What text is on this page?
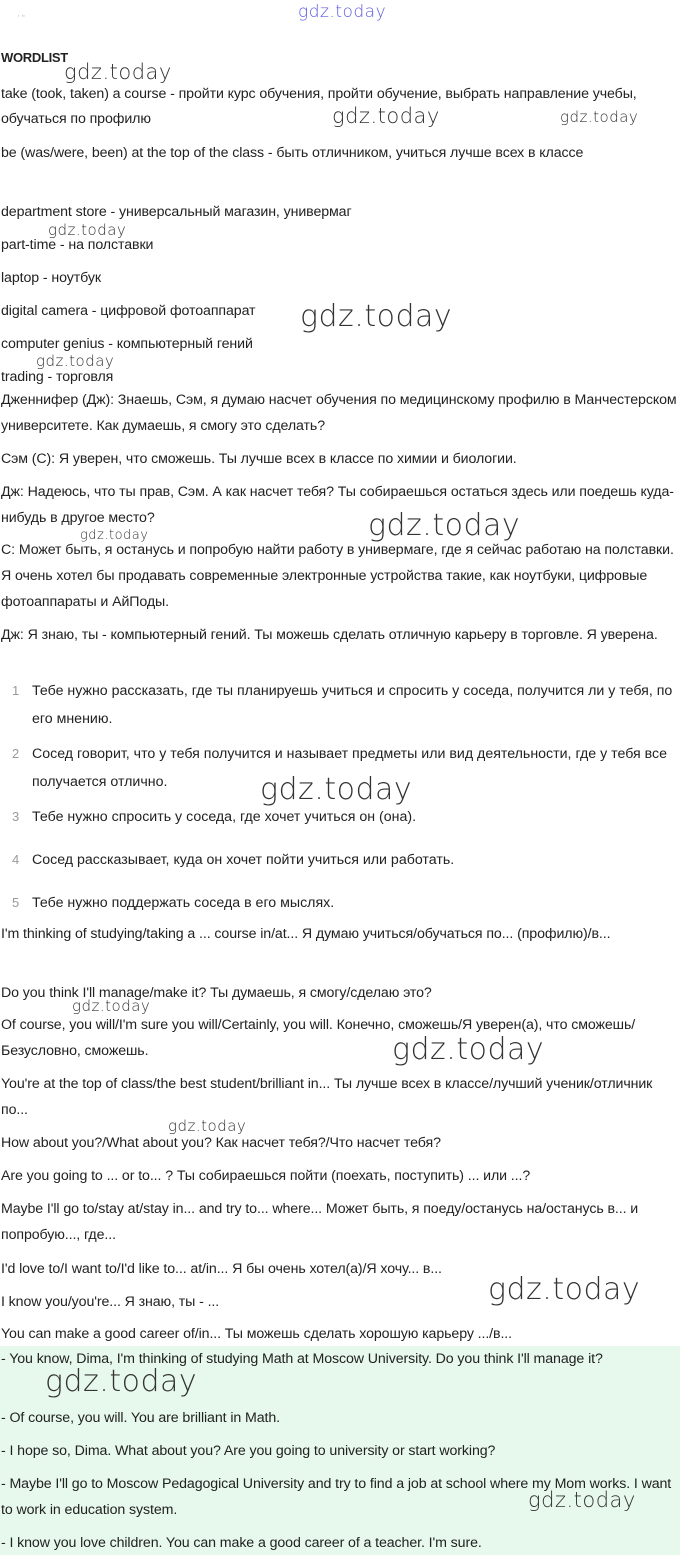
' ''	gdz.today
WORDLIST
take (took, taken) a course - пройти курс обучения, пройти обучение, выбрать направление учебы, обучаться по профилю
be (was/were, been) at the top of the class - быть отличником, учиться лучше всех в классе
department store - универсальный магазин, универмаг
part-time - на полставки
laptop - ноутбук
digital camera - цифровой фотоаппарат
computer genius - компьютерный гений
trading - торговля
Дженнифер (Дж): Знаешь, Сэм, я думаю насчет обучения по медицинскому профилю в Манчестерском университете. Как думаешь, я смогу это сделать?
Сэм (С): Я уверен, что сможешь. Ты лучше всех в классе по химии и биологии.
Дж: Надеюсь, что ты прав, Сэм. А как насчет тебя? Ты собираешься остаться здесь или поедешь куда-нибудь в другое место?
С: Может быть, я останусь и попробую найти работу в универмаге, где я сейчас работаю на полставки. Я очень хотел бы продавать современные электронные устройства такие, как ноутбуки, цифровые фотоаппараты и АйПоды.
Дж: Я знаю, ты - компьютерный гений. Ты можешь сделать отличную карьеру в торговле. Я уверена.
1 Тебе нужно рассказать, где ты планируешь учиться и спросить у соседа, получится ли у тебя, по его мнению.
2 Сосед говорит, что у тебя получится и называет предметы или вид деятельности, где у тебя все получается отлично.
3 Тебе нужно спросить у соседа, где хочет учиться он (она).
4 Сосед рассказывает, куда он хочет пойти учиться или работать.
5 Тебе нужно поддержать соседа в его мыслях.
I'm thinking of studying/taking a ... course in/at... Я думаю учиться/обучаться по... (профилю)/в...
Do you think I'll manage/make it? Ты думаешь, я смогу/сделаю это?
Of course, you will/I'm sure you will/Certainly, you will. Конечно, сможешь/Я уверен(а), что сможешь/Безусловно, сможешь.
You're at the top of class/the best student/brilliant in... Ты лучше всех в классе/лучший ученик/отличник по...
How about you?/What about you? Как насчет тебя?/Что насчет тебя?
Are you going to ... or to... ? Ты собираешься пойти (поехать, поступить) ... или ...?
Maybe I'll go to/stay at/stay in... and try to... where... Может быть, я поеду/останусь на/останусь в... и попробую..., где...
I'd love to/I want to/I'd like to... at/in... Я бы очень хотел(а)/Я хочу... в...
I know you/you're... Я знаю, ты - ...
You can make a good career of/in... Ты можешь сделать хорошую карьеру .../в...
- You know, Dima, I'm thinking of studying Math at Moscow University. Do you think I'll manage it?
- Of course, you will. You are brilliant in Math.
- I hope so, Dima. What about you? Are you going to university or start working?
- Maybe I'll go to Moscow Pedagogical University and try to find a job at school where my Mom works. I want to work in education system.
- I know you love children. You can make a good career of a teacher. I'm sure.
gdz.today
gdz.today	gdz.today
gdz.today
gdz.today
gdz.today
gdz.today
gdz.today
gdz.today
gdz.today
gdz.today
gdz.today
gdz.today
gdz.today
gdz.today
